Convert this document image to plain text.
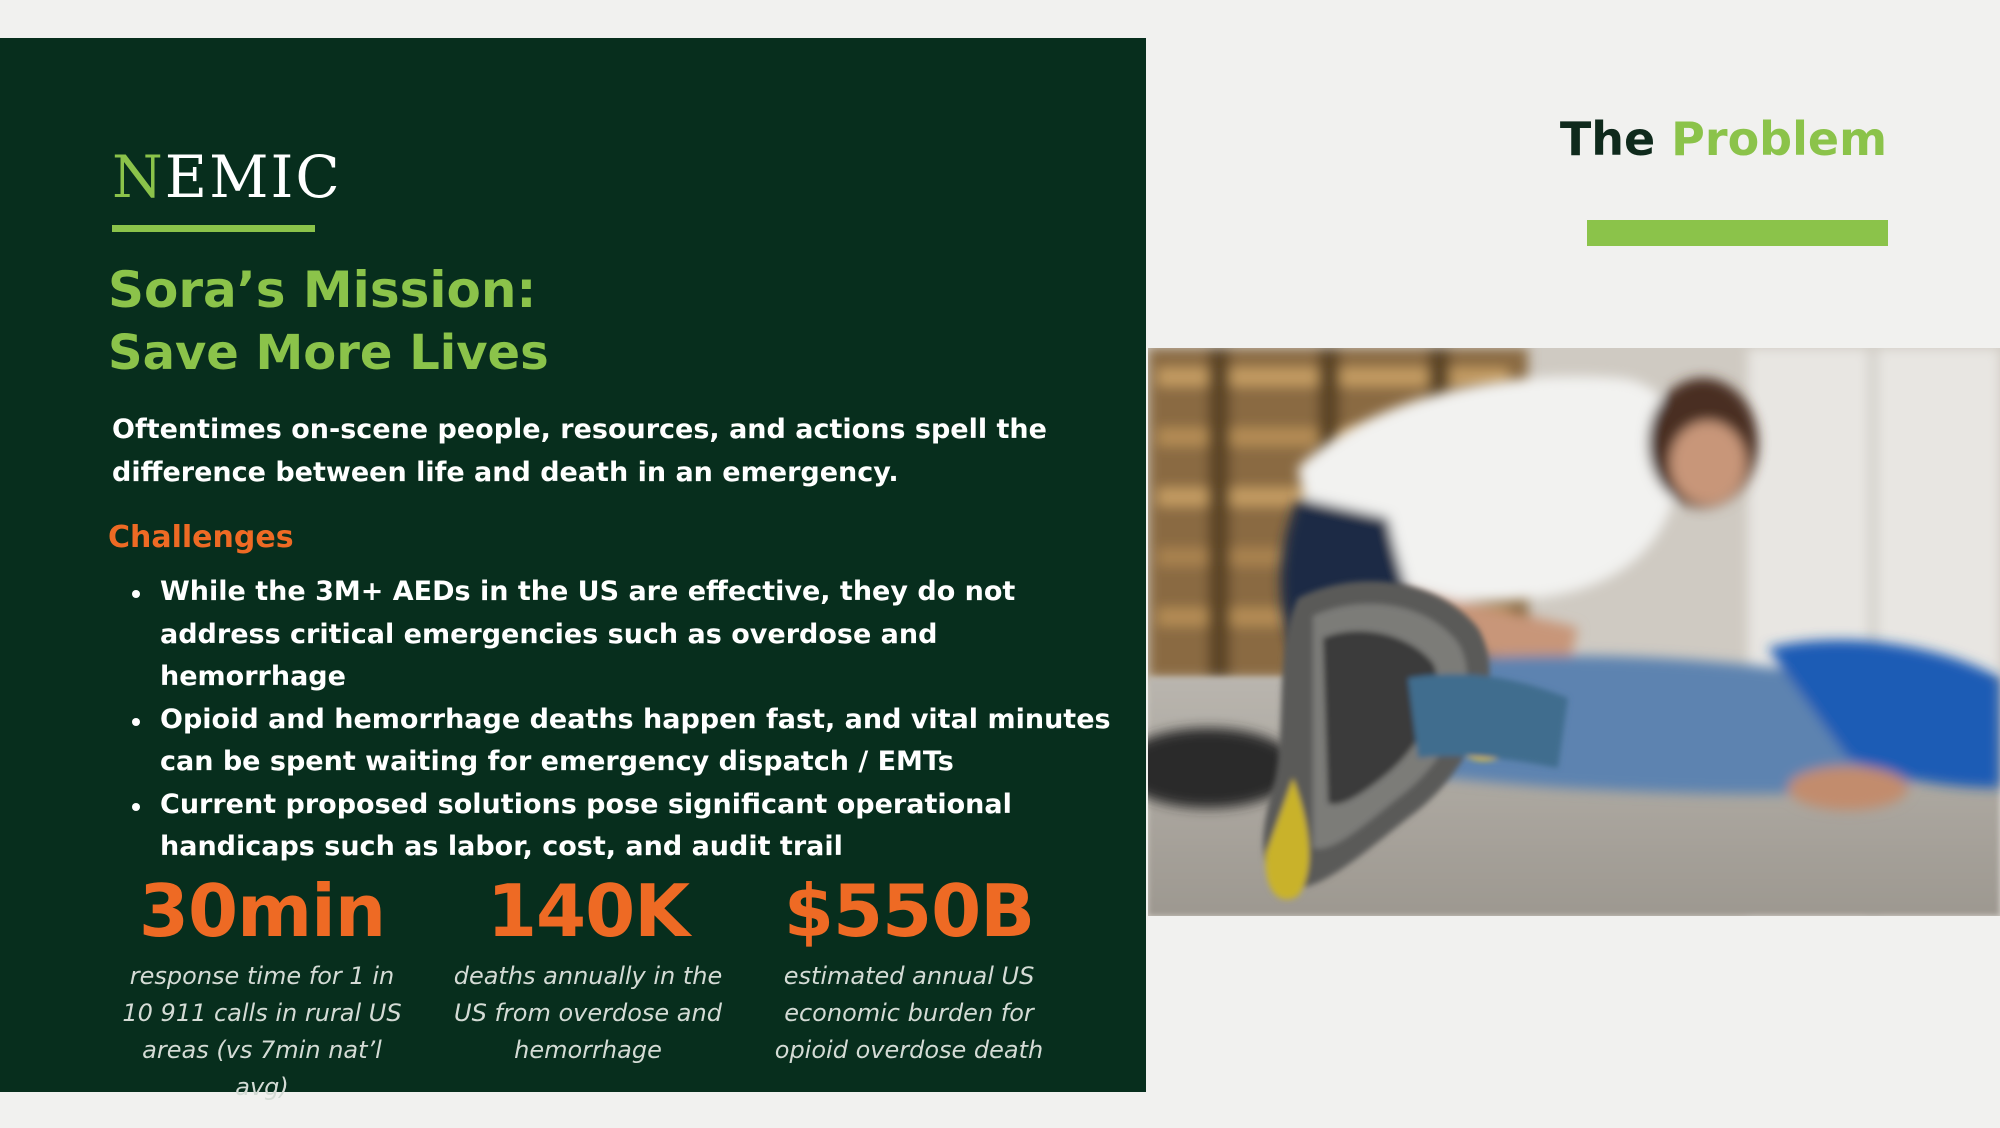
NEMIC
Sora’s Mission:
Save More Lives
Oftentimes on-scene people, resources, and actions spell the difference between life and death in an emergency.
Challenges
While the 3M+ AEDs in the US are effective, they do not address critical emergencies such as overdose and hemorrhage
Opioid and hemorrhage deaths happen fast, and vital minutes can be spent waiting for emergency dispatch / EMTs
Current proposed solutions pose significant operational handicaps such as labor, cost, and audit trail
30min
response time for 1 in 10 911 calls in rural US areas (vs 7min nat’l avg)
140K
deaths annually in the US from overdose and hemorrhage
$550B
estimated annual US economic burden for opioid overdose death
The Problem
